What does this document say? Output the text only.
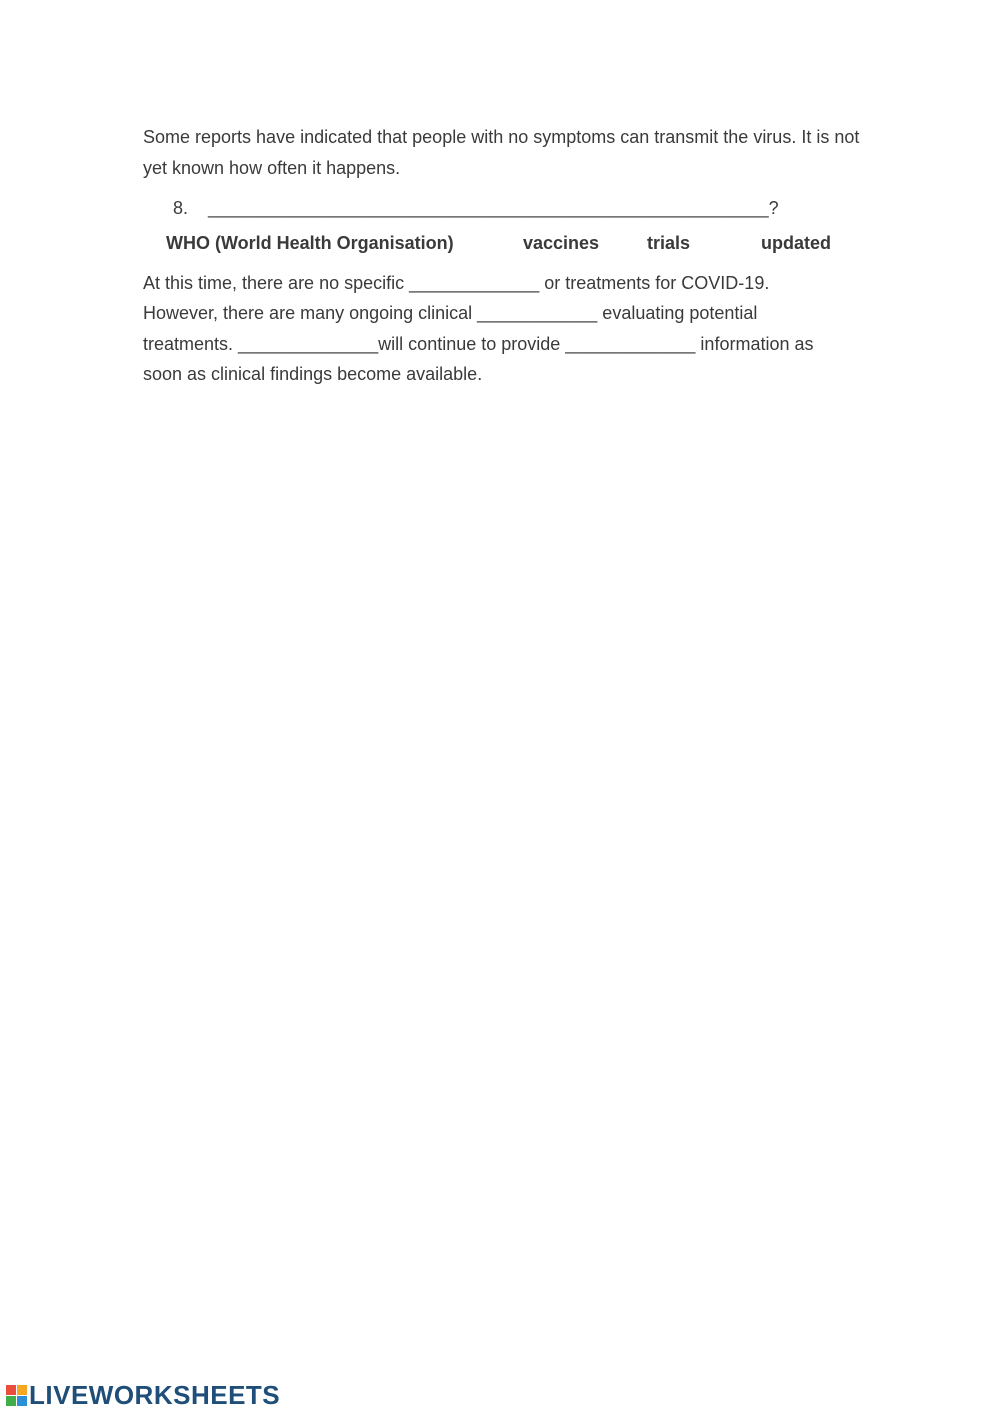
Some reports have indicated that people with no symptoms can transmit the virus. It is not yet known how often it happens.

8. ________________________________________________________?
WHO (World Health Organisation)	vaccines	trials	updated

At this time, there are no specific _____________ or treatments for COVID-19.
However, there are many ongoing clinical ____________ evaluating potential
treatments. ______________will continue to provide _____________ information as
soon as clinical findings become available.

LIVEWORKSHEETS
